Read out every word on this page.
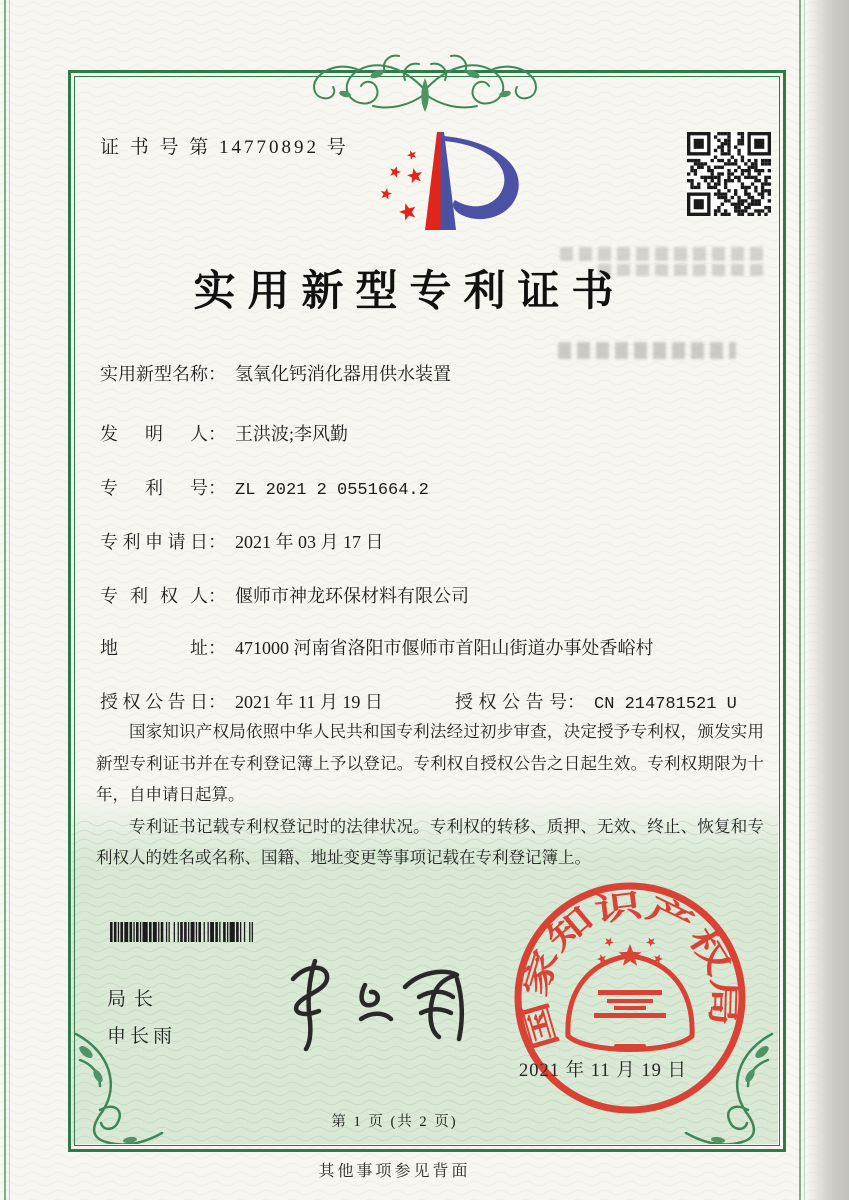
证 书 号 第 14770892 号
实用新型专利证书
实用新型名称： 氢氧化钙消化器用供水装置
发明人： 王洪波;李风勤
专利号： ZL 2021 2 0551664.2
专利申请日： 2021 年 03 月 17 日
专利权人： 偃师市神龙环保材料有限公司
地址： 471000 河南省洛阳市偃师市首阳山街道办事处香峪村
授权公告日： 2021 年 11 月 19 日	授权公告号： CN 214781521 U

国家知识产权局依照中华人民共和国专利法经过初步审查，决定授予专利权，颁发实用新型专利证书并在专利登记簿上予以登记。专利权自授权公告之日起生效。专利权期限为十年，自申请日起算。

专利证书记载专利权登记时的法律状况。专利权的转移、质押、无效、终止、恢复和专利权人的姓名或名称、国籍、地址变更等事项记载在专利登记簿上。

局长
申长雨	国家知识产权局
2021 年 11 月 19 日
第 1 页 (共 2 页)
其他事项参见背面
